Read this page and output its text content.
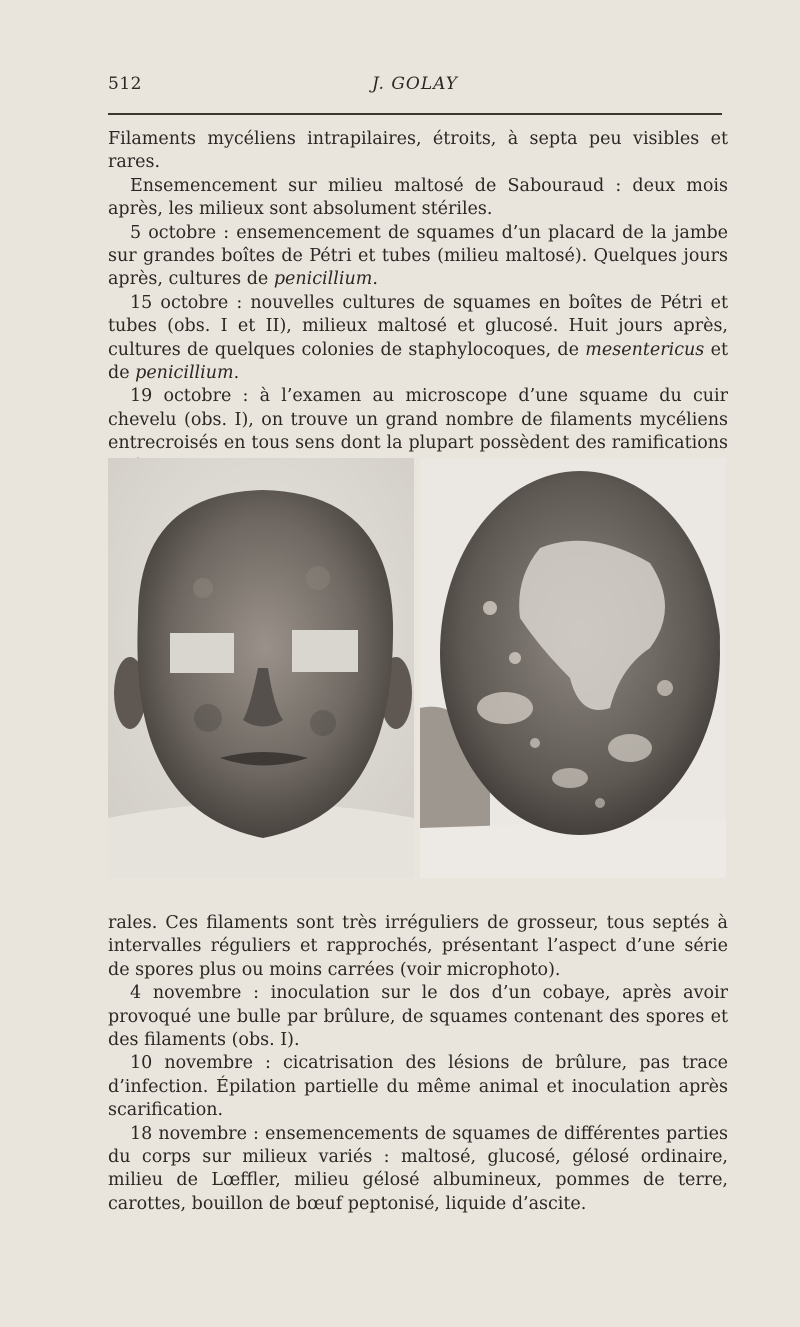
512	J. GOLAY

Filaments mycéliens intrapilaires, étroits, à septa peu visibles et rares.

Ensemencement sur milieu maltosé de Sabouraud : deux mois après, les milieux sont absolument stériles.

5 octobre : ensemencement de squames d’un placard de la jambe sur grandes boîtes de Pétri et tubes (milieu maltosé). Quelques jours après, cultures de penicillium.

15 octobre : nouvelles cultures de squames en boîtes de Pétri et tubes (obs. I et II), milieux maltosé et glucosé. Huit jours après, cultures de quelques colonies de staphylocoques, de mesentericus et de penicillium.

19 octobre : à l’examen au microscope d’une squame du cuir chevelu (obs. I), on trouve un grand nombre de filaments mycéliens entrecroisés en tous sens dont la plupart possèdent des ramifications

rales. Ces filaments sont très irréguliers de grosseur, tous septés à intervalles réguliers et rapprochés, présentant l’aspect d’une série de spores plus ou moins carrées (voir microphoto).

4 novembre : inoculation sur le dos d’un cobaye, après avoir provoqué une bulle par brûlure, de squames contenant des spores et des filaments (obs. I).

10 novembre : cicatrisation des lésions de brûlure, pas trace d’infection. Épilation partielle du même animal et inoculation après scarification.

18 novembre : ensemencements de squames de différentes parties du corps sur milieux variés : maltosé, glucosé, gélosé ordinaire, milieu de Lœffler, milieu gélosé albumineux, pommes de terre, carottes, bouillon de bœuf peptonisé, liquide d’ascite.
